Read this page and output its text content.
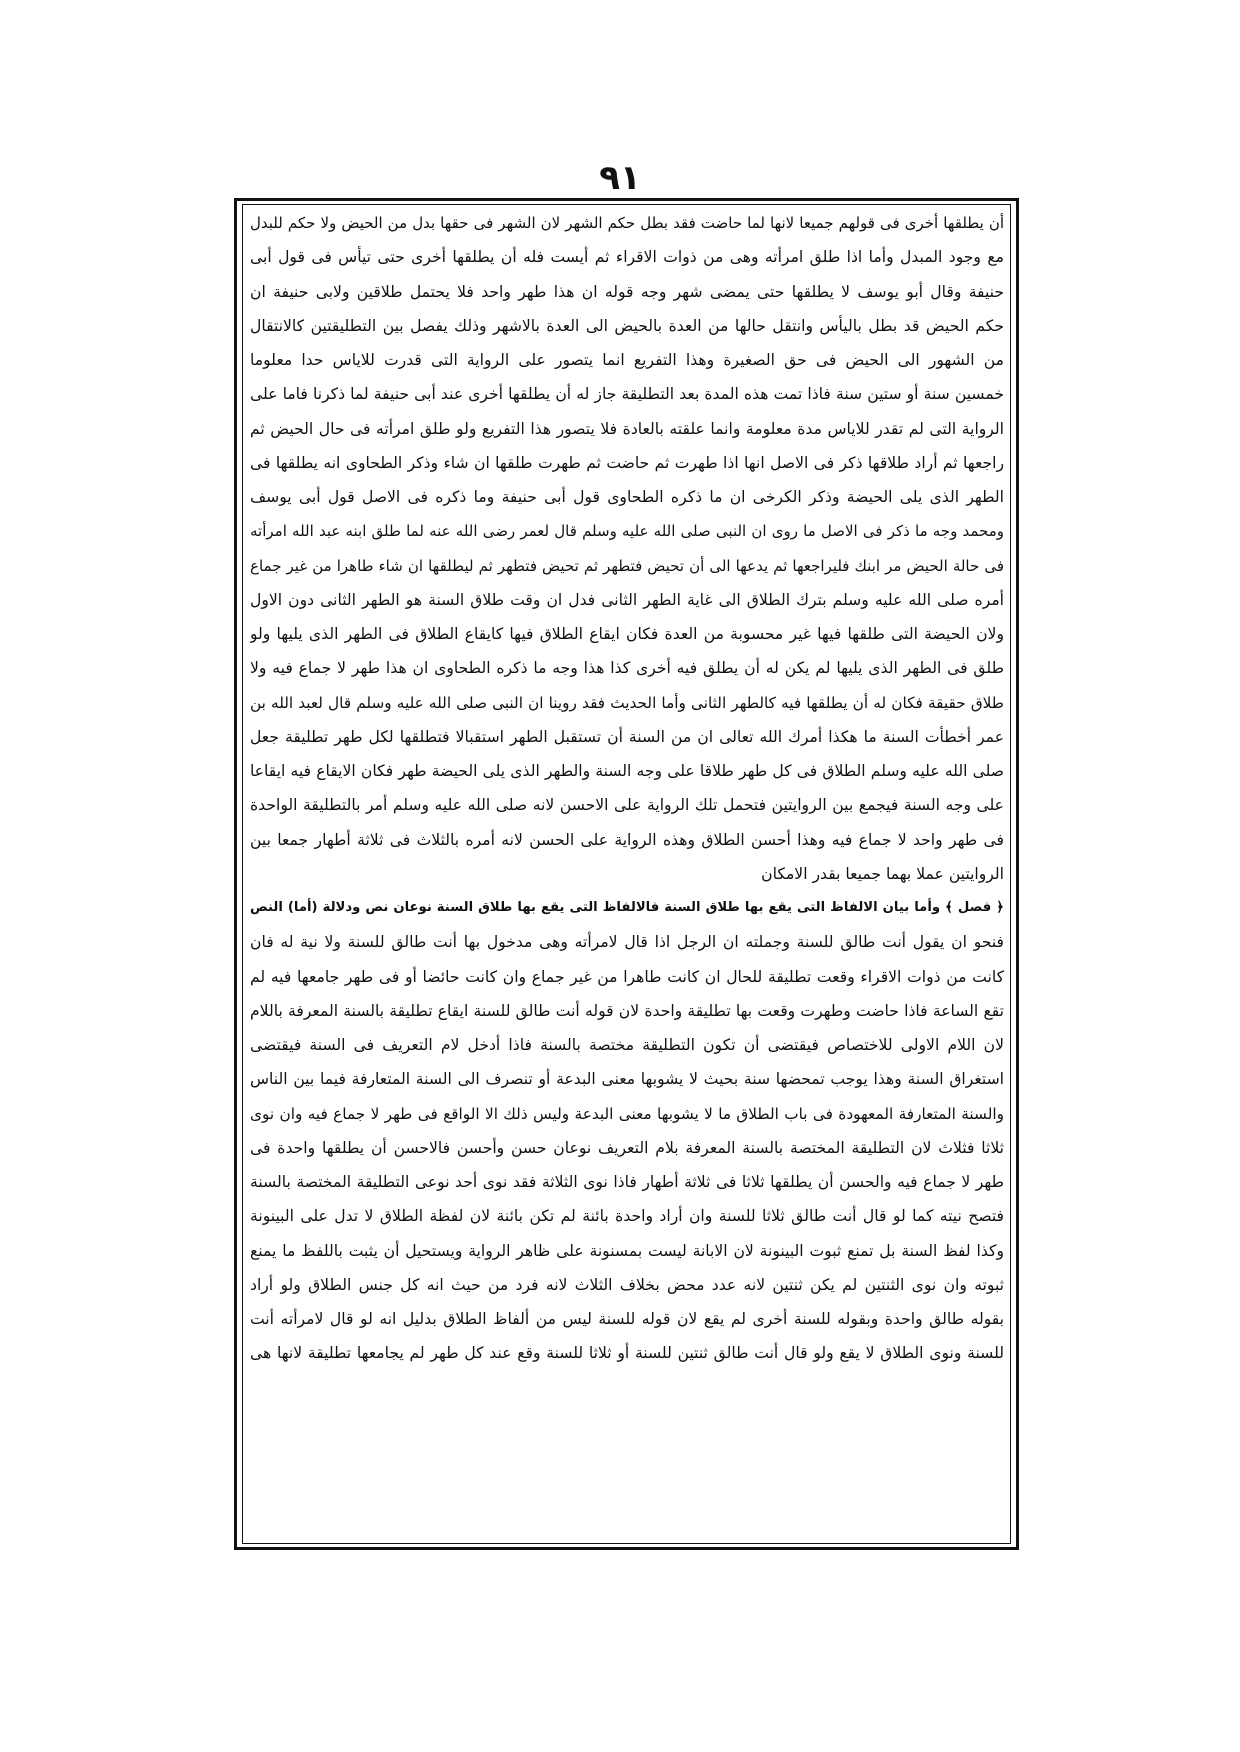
٩١
أن يطلقها أخرى فى قولهم جميعا لانها لما حاضت فقد بطل حكم الشهر لان الشهر فى حقها بدل من الحيض ولا حكم للبدل
مع وجود المبدل وأما اذا طلق امرأته وهى من ذوات الاقراء ثم أيست فله أن يطلقها أخرى حتى تيأس فى قول أبى
حنيفة وقال أبو يوسف لا يطلقها حتى يمضى شهر وجه قوله ان هذا طهر واحد فلا يحتمل طلاقين ولابى حنيفة ان
حكم الحيض قد بطل باليأس وانتقل حالها من العدة بالحيض الى العدة بالاشهر وذلك يفصل بين التطليقتين كالانتقال
من الشهور الى الحيض فى حق الصغيرة وهذا التفريع انما يتصور على الرواية التى قدرت للاياس حدا معلوما
خمسين سنة أو ستين سنة فاذا تمت هذه المدة بعد التطليقة جاز له أن يطلقها أخرى عند أبى حنيفة لما ذكرنا فاما على
الرواية التى لم تقدر للاياس مدة معلومة وانما علقته بالعادة فلا يتصور هذا التفريع ولو طلق امرأته فى حال الحيض ثم
راجعها ثم أراد طلاقها ذكر فى الاصل انها اذا طهرت ثم حاضت ثم طهرت طلقها ان شاء وذكر الطحاوى انه يطلقها فى
الطهر الذى يلى الحيضة وذكر الكرخى ان ما ذكره الطحاوى قول أبى حنيفة وما ذكره فى الاصل قول أبى يوسف
ومحمد وجه ما ذكر فى الاصل ما روى ان النبى صلى الله عليه وسلم قال لعمر رضى الله عنه لما طلق ابنه عبد الله امرأته
فى حالة الحيض مر ابنك فليراجعها ثم يدعها الى أن تحيض فتطهر ثم تحيض فتطهر ثم ليطلقها ان شاء طاهرا من غير جماع
أمره صلى الله عليه وسلم بترك الطلاق الى غاية الطهر الثانى فدل ان وقت طلاق السنة هو الطهر الثانى دون الاول
ولان الحيضة التى طلقها فيها غير محسوبة من العدة فكان ايقاع الطلاق فيها كايقاع الطلاق فى الطهر الذى يليها ولو
طلق فى الطهر الذى يليها لم يكن له أن يطلق فيه أخرى كذا هذا وجه ما ذكره الطحاوى ان هذا طهر لا جماع فيه ولا
طلاق حقيقة فكان له أن يطلقها فيه كالطهر الثانى وأما الحديث فقد روينا ان النبى صلى الله عليه وسلم قال لعبد الله بن
عمر أخطأت السنة ما هكذا أمرك الله تعالى ان من السنة أن تستقبل الطهر استقبالا فتطلقها لكل طهر تطليقة جعل
صلى الله عليه وسلم الطلاق فى كل طهر طلاقا على وجه السنة والطهر الذى يلى الحيضة طهر فكان الايقاع فيه ايقاعا
على وجه السنة فيجمع بين الروايتين فتحمل تلك الرواية على الاحسن لانه صلى الله عليه وسلم أمر بالتطليقة الواحدة
فى طهر واحد لا جماع فيه وهذا أحسن الطلاق وهذه الرواية على الحسن لانه أمره بالثلاث فى ثلاثة أطهار جمعا بين
الروايتين عملا بهما جميعا بقدر الامكان
﴿ فصل ﴾ وأما بيان الالفاظ التى يقع بها طلاق السنة فالالفاظ التى يقع بها طلاق السنة نوعان نص ودلالة (أما) النص
فنحو ان يقول أنت طالق للسنة وجملته ان الرجل اذا قال لامرأته وهى مدخول بها أنت طالق للسنة ولا نية له فان
كانت من ذوات الاقراء وقعت تطليقة للحال ان كانت طاهرا من غير جماع وان كانت حائضا أو فى طهر جامعها فيه لم
تقع الساعة فاذا حاضت وطهرت وقعت بها تطليقة واحدة لان قوله أنت طالق للسنة ايقاع تطليقة بالسنة المعرفة باللام
لان اللام الاولى للاختصاص فيقتضى أن تكون التطليقة مختصة بالسنة فاذا أدخل لام التعريف فى السنة فيقتضى
استغراق السنة وهذا يوجب تمحضها سنة بحيث لا يشوبها معنى البدعة أو تنصرف الى السنة المتعارفة فيما بين الناس
والسنة المتعارفة المعهودة فى باب الطلاق ما لا يشوبها معنى البدعة وليس ذلك الا الواقع فى طهر لا جماع فيه وان نوى
ثلاثا فثلاث لان التطليقة المختصة بالسنة المعرفة بلام التعريف نوعان حسن وأحسن فالاحسن أن يطلقها واحدة فى
طهر لا جماع فيه والحسن أن يطلقها ثلاثا فى ثلاثة أطهار فاذا نوى الثلاثة فقد نوى أحد نوعى التطليقة المختصة بالسنة
فتصح نيته كما لو قال أنت طالق ثلاثا للسنة وان أراد واحدة بائنة لم تكن بائنة لان لفظة الطلاق لا تدل على البينونة
وكذا لفظ السنة بل تمنع ثبوت البينونة لان الابانة ليست بمسنونة على ظاهر الرواية ويستحيل أن يثبت باللفظ ما يمنع
ثبوته وان نوى الثنتين لم يكن ثنتين لانه عدد محض بخلاف الثلاث لانه فرد من حيث انه كل جنس الطلاق ولو أراد
بقوله طالق واحدة وبقوله للسنة أخرى لم يقع لان قوله للسنة ليس من ألفاظ الطلاق بدليل انه لو قال لامرأته أنت
للسنة ونوى الطلاق لا يقع ولو قال أنت طالق ثنتين للسنة أو ثلاثا للسنة وقع عند كل طهر لم يجامعها تطليقة لانها هى
